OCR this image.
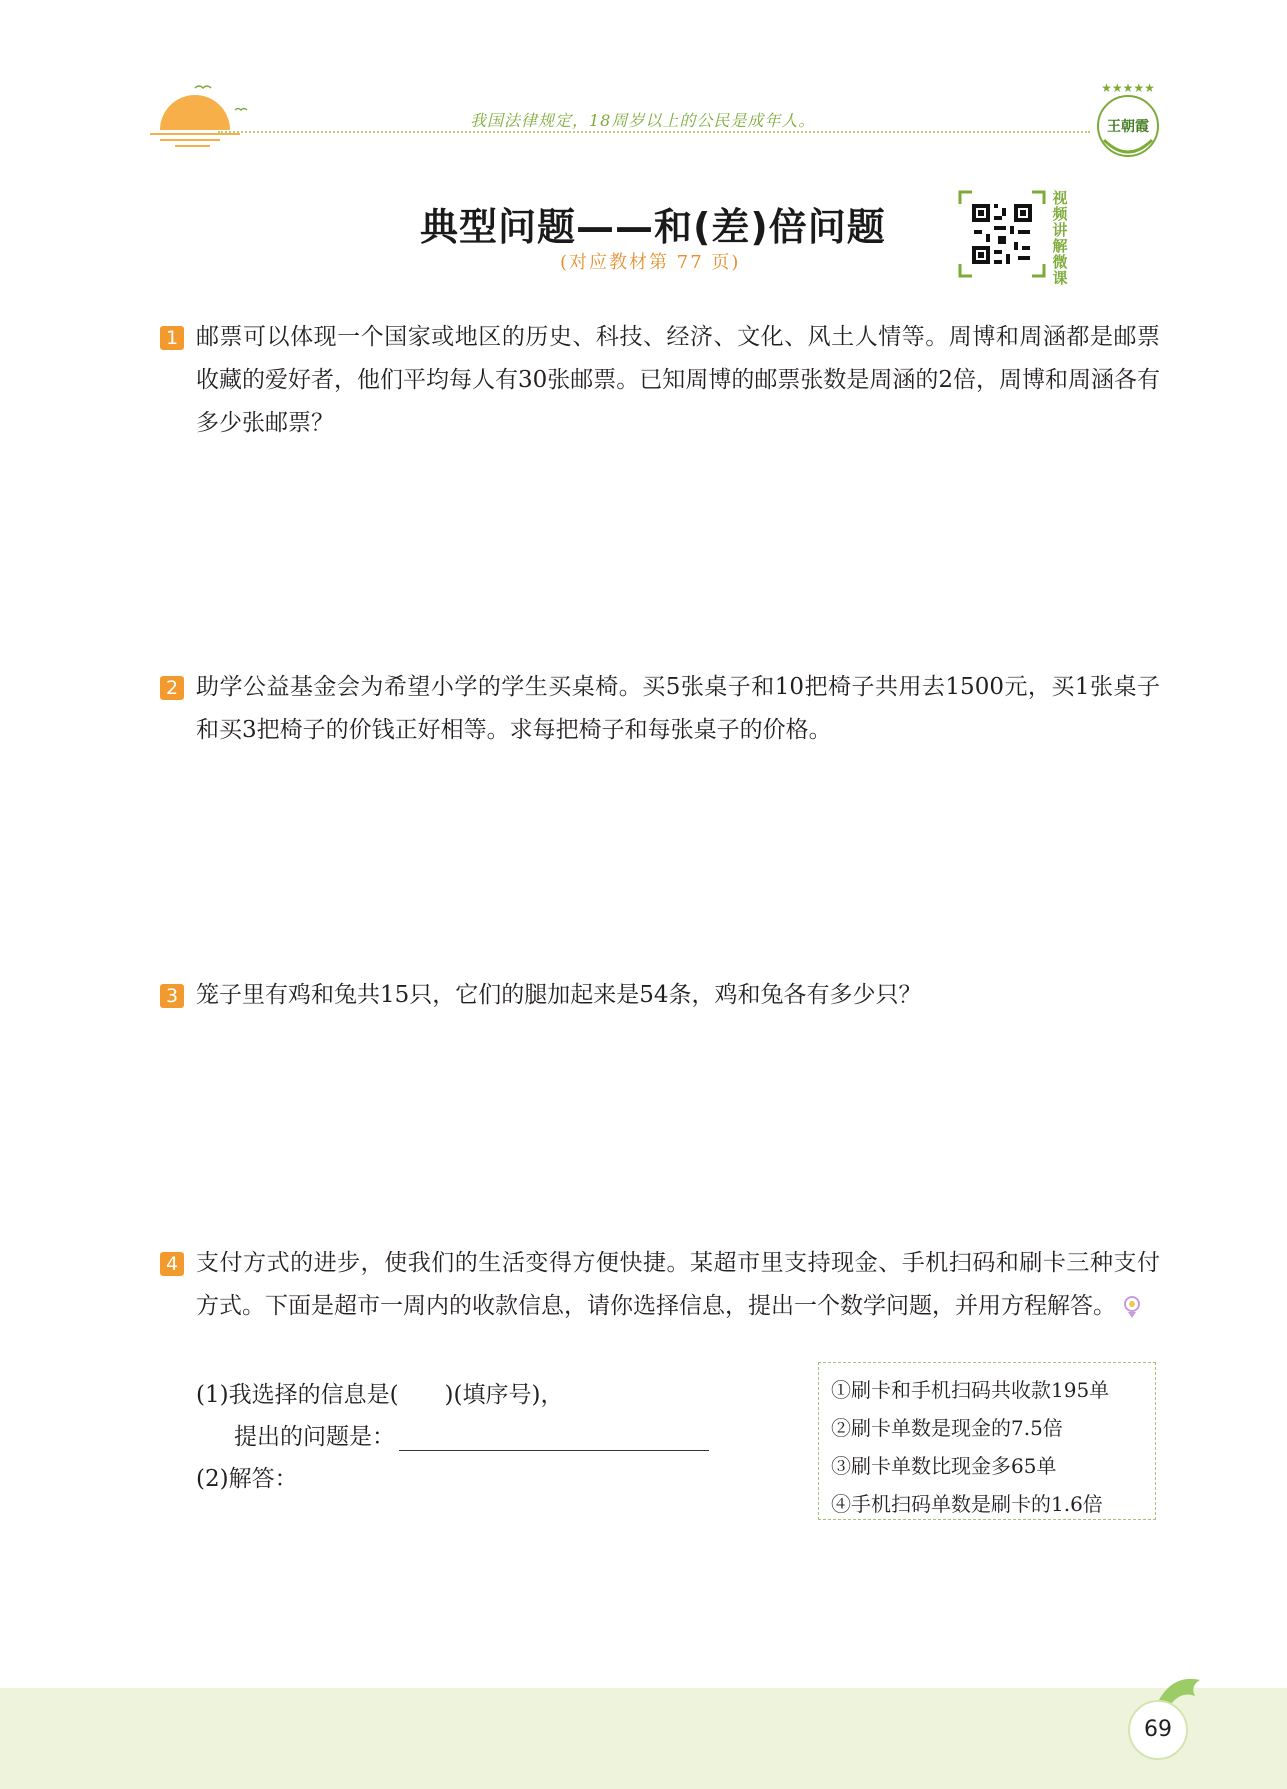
我国法律规定，18周岁以上的公民是成年人。
★★★★★
王朝霞
典型问题——和(差)倍问题
(对应教材第 77 页)
视频讲解微课
1 邮票可以体现一个国家或地区的历史、科技、经济、文化、风土人情等。周博和周涵都是邮票收藏的爱好者，他们平均每人有30张邮票。已知周博的邮票张数是周涵的2倍，周博和周涵各有多少张邮票？
2 助学公益基金会为希望小学的学生买桌椅。买5张桌子和10把椅子共用去1500元，买1张桌子和买3把椅子的价钱正好相等。求每把椅子和每张桌子的价格。
3 笼子里有鸡和兔共15只，它们的腿加起来是54条，鸡和兔各有多少只？
4 支付方式的进步，使我们的生活变得方便快捷。某超市里支持现金、手机扫码和刷卡三种支付方式。下面是超市一周内的收款信息，请你选择信息，提出一个数学问题，并用方程解答。
(1)我选择的信息是(　　)(填序号)，
提出的问题是：
(2)解答：
①刷卡和手机扫码共收款195单
②刷卡单数是现金的7.5倍
③刷卡单数比现金多65单
④手机扫码单数是刷卡的1.6倍
69
